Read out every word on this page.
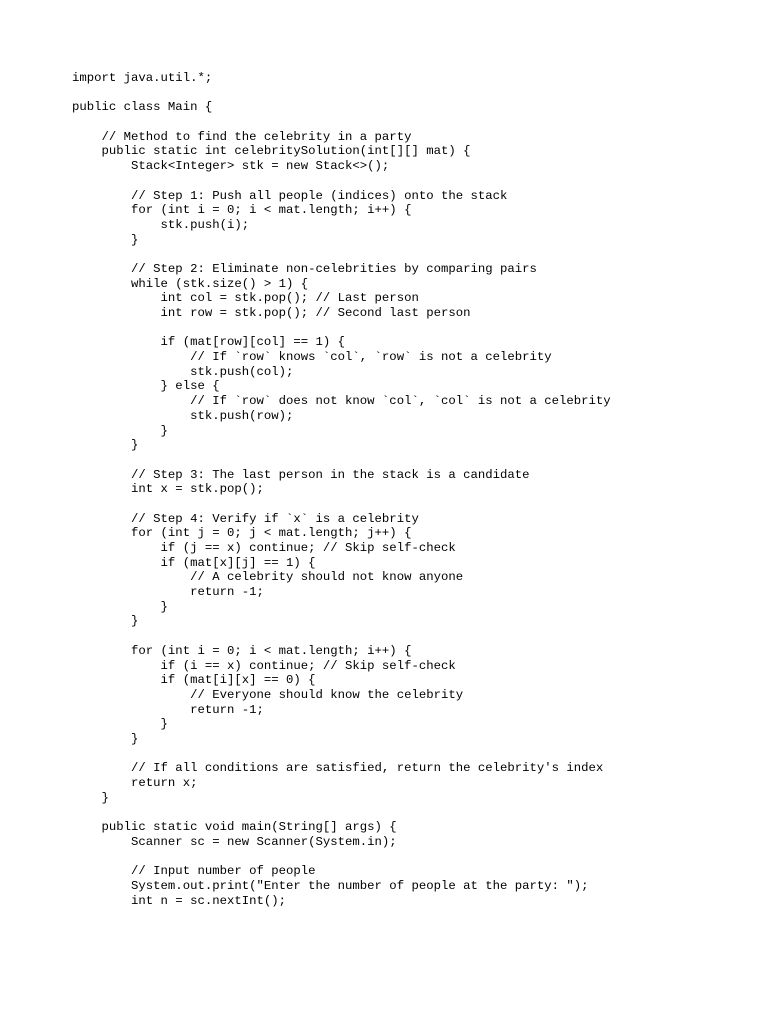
import java.util.*;
public class Main {
// Method to find the celebrity in a party
public static int celebritySolution(int[][] mat) {
Stack<Integer> stk = new Stack<>();
// Step 1: Push all people (indices) onto the stack
for (int i = 0; i < mat.length; i++) {
stk.push(i);
}
// Step 2: Eliminate non-celebrities by comparing pairs
while (stk.size() > 1) {
int col = stk.pop(); // Last person
int row = stk.pop(); // Second last person
if (mat[row][col] == 1) {
// If `row` knows `col`, `row` is not a celebrity
stk.push(col);
} else {
// If `row` does not know `col`, `col` is not a celebrity
stk.push(row);
}
}
// Step 3: The last person in the stack is a candidate
int x = stk.pop();
// Step 4: Verify if `x` is a celebrity
for (int j = 0; j < mat.length; j++) {
if (j == x) continue; // Skip self-check
if (mat[x][j] == 1) {
// A celebrity should not know anyone
return -1;
}
}
for (int i = 0; i < mat.length; i++) {
if (i == x) continue; // Skip self-check
if (mat[i][x] == 0) {
// Everyone should know the celebrity
return -1;
}
}
// If all conditions are satisfied, return the celebrity's index
return x;
}
public static void main(String[] args) {
Scanner sc = new Scanner(System.in);
// Input number of people
System.out.print("Enter the number of people at the party: ");
int n = sc.nextInt();
